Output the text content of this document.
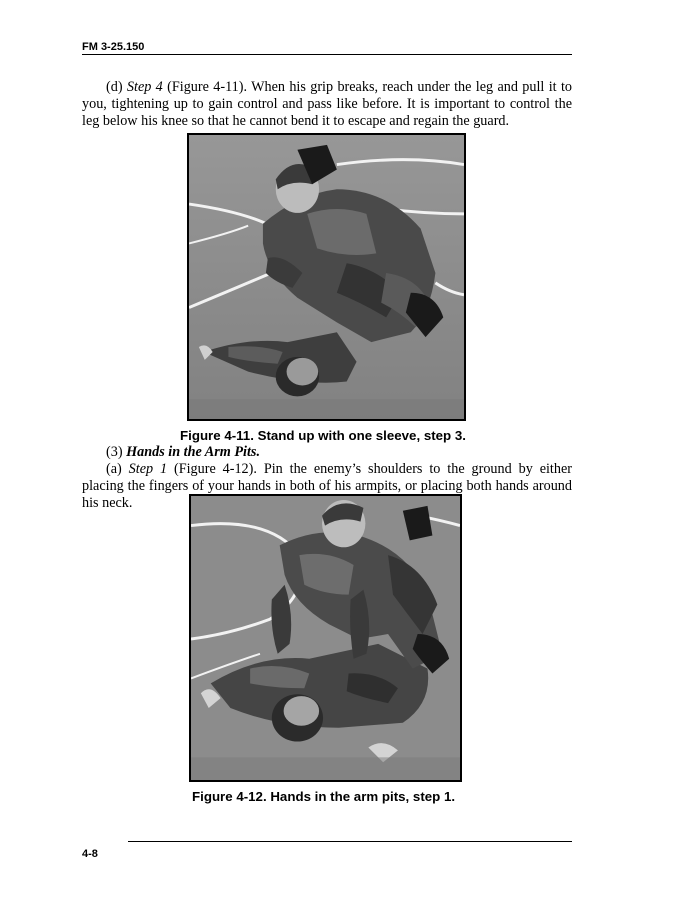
FM 3-25.150
(d) Step 4 (Figure 4-11). When his grip breaks, reach under the leg and pull it to you, tightening up to gain control and pass like before. It is important to control the leg below his knee so that he cannot bend it to escape and regain the guard.
Figure 4-11. Stand up with one sleeve, step 3.
(3) Hands in the Arm Pits.
(a) Step 1 (Figure 4-12). Pin the enemy’s shoulders to the ground by either placing the fingers of your hands in both of his armpits, or placing both hands around his neck.
Figure 4-12. Hands in the arm pits, step 1.
4-8
